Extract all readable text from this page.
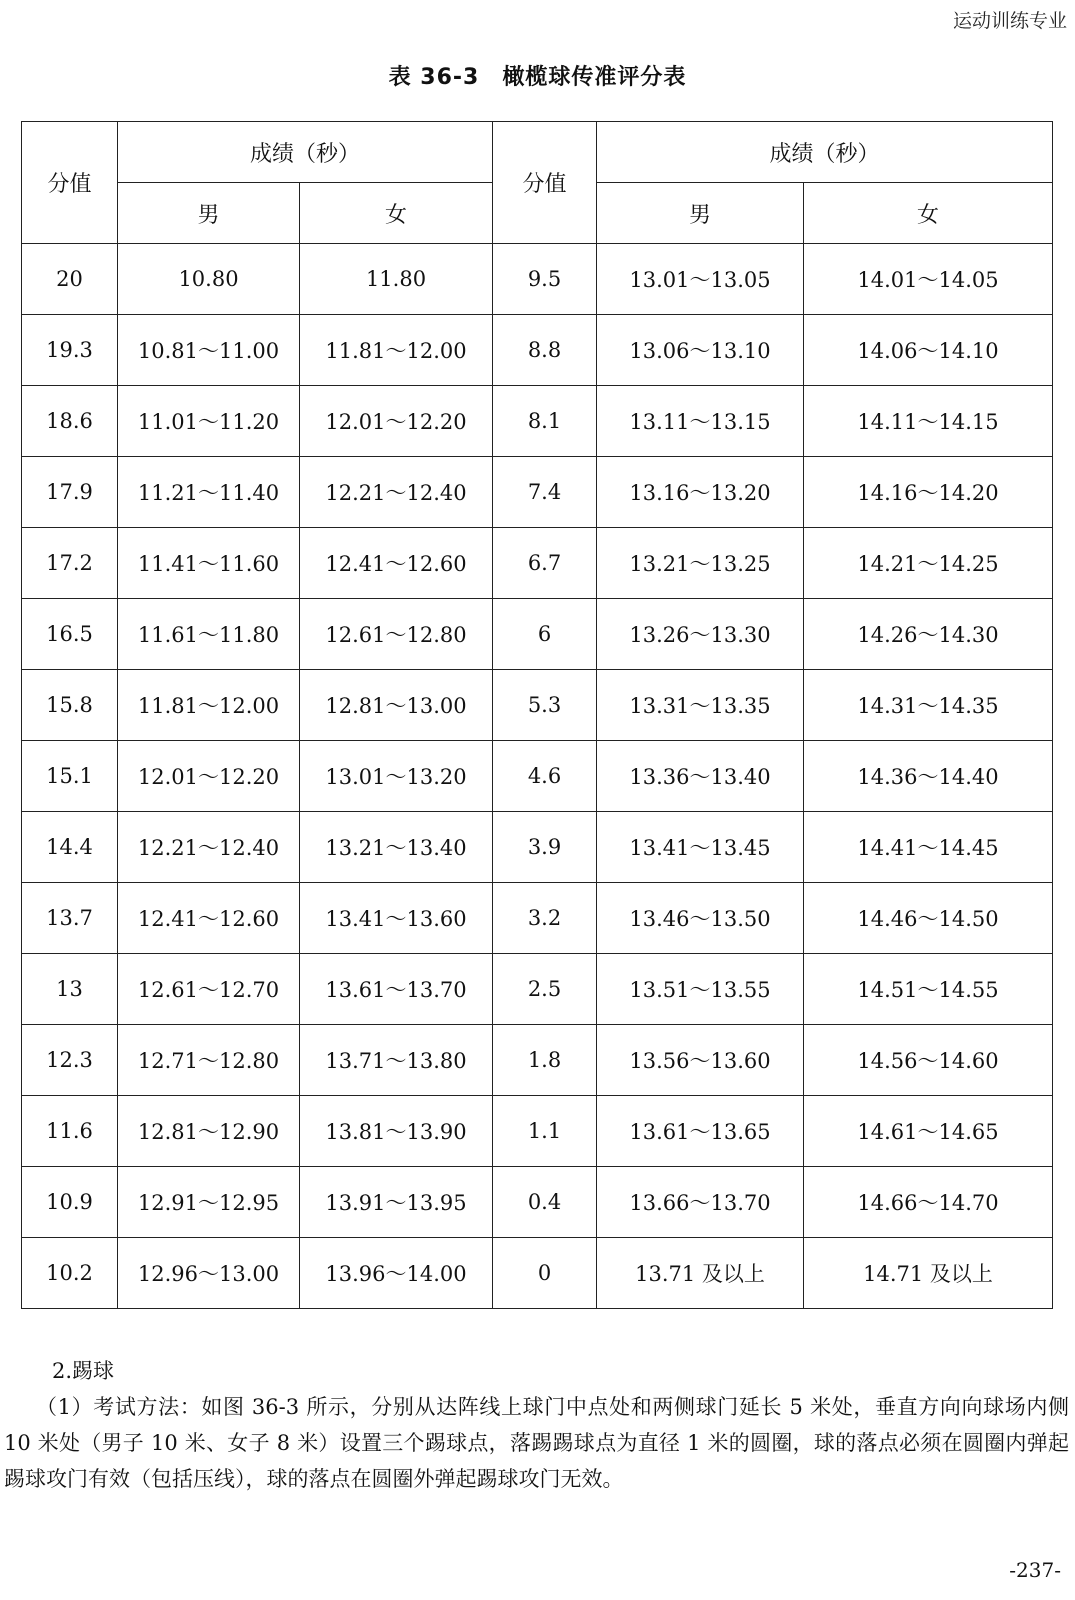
运动训练专业
表 36-3　橄榄球传准评分表
分值	成绩（秒）		分值	成绩（秒）	
	男	女		男	女
20	10.80	11.80	9.5	13.01～13.05	14.01～14.05
19.3	10.81～11.00	11.81～12.00	8.8	13.06～13.10	14.06～14.10
18.6	11.01～11.20	12.01～12.20	8.1	13.11～13.15	14.11～14.15
17.9	11.21～11.40	12.21～12.40	7.4	13.16～13.20	14.16～14.20
17.2	11.41～11.60	12.41～12.60	6.7	13.21～13.25	14.21～14.25
16.5	11.61～11.80	12.61～12.80	6	13.26～13.30	14.26～14.30
15.8	11.81～12.00	12.81～13.00	5.3	13.31～13.35	14.31～14.35
15.1	12.01～12.20	13.01～13.20	4.6	13.36～13.40	14.36～14.40
14.4	12.21～12.40	13.21～13.40	3.9	13.41～13.45	14.41～14.45
13.7	12.41～12.60	13.41～13.60	3.2	13.46～13.50	14.46～14.50
13	12.61～12.70	13.61～13.70	2.5	13.51～13.55	14.51～14.55
12.3	12.71～12.80	13.71～13.80	1.8	13.56～13.60	14.56～14.60
11.6	12.81～12.90	13.81～13.90	1.1	13.61～13.65	14.61～14.65
10.9	12.91～12.95	13.91～13.95	0.4	13.66～13.70	14.66～14.70
10.2	12.96～13.00	13.96～14.00	0	13.71 及以上	14.71 及以上
2.踢球
（1）考试方法：如图 36-3 所示，分别从达阵线上球门中点处和两侧球门延长 5 米处，垂直方向向球场内侧 10 米处（男子 10 米、女子 8 米）设置三个踢球点，落踢踢球点为直径 1 米的圆圈，球的落点必须在圆圈内弹起踢球攻门有效（包括压线），球的落点在圆圈外弹起踢球攻门无效。
-237-
